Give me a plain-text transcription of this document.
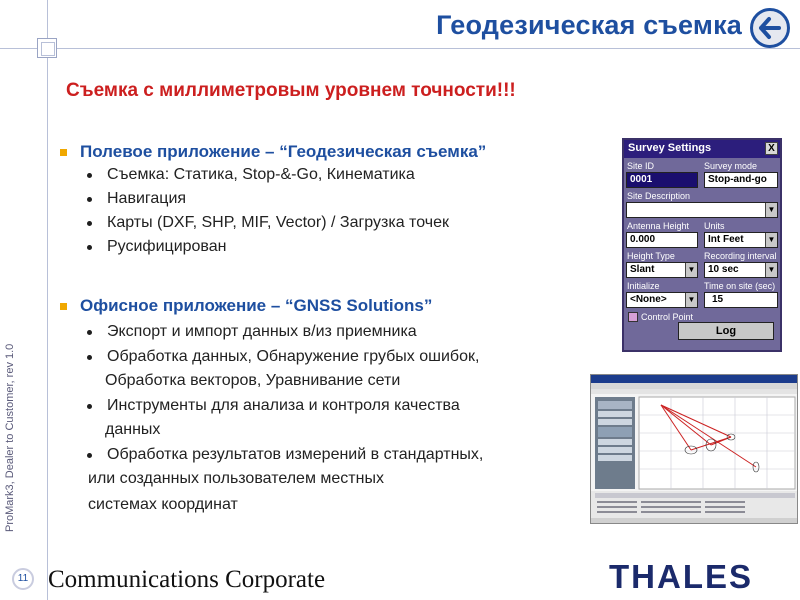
Геодезическая съемка
ProMark3, Dealer to Customer, rev 1.0
Съемка с миллиметровым уровнем точности!!!
Полевое приложение – “Геодезическая съемка”
Съемка: Статика, Stop-&-Go, Кинематика
Навигация
Карты (DXF, SHP, MIF, Vector) / Загрузка точек
Русифицирован
Офисное приложение – “GNSS Solutions”
Экспорт и импорт данных в/из приемника
Обработка данных, Обнаружение грубых ошибок,
Обработка векторов, Уравнивание сети
Инструменты для анализа и контроля качества
данных
Обработка результатов измерений в стандартных,
или созданных пользователем местных
системах координат
Survey Settings	X
Site ID	Survey mode
0001	Stop-and-go
Site Description
▼
Antenna Height Units
0.000	Int Feet	▼
Height Type	Recording interval
Slant	▼	10 sec	▼
Initialize	Time on site (sec)
<None>	▼	15
Control Point
Log
11 Communications Corporate	THALES
